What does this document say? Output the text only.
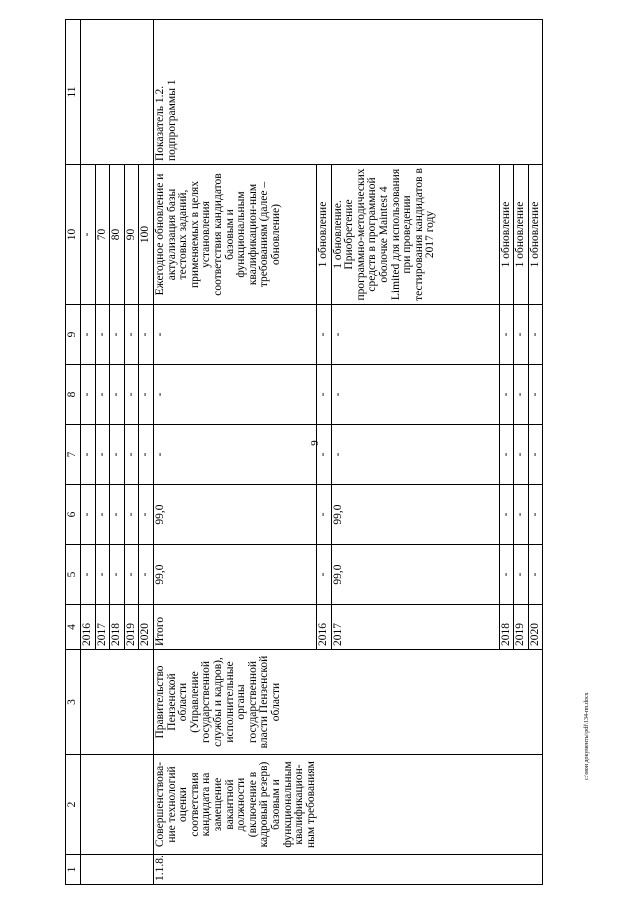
9
1	2	3	4	5	6	7	8	9	10	11
			2016	-	-	-	-	-	-	
			2017	-	-	-	-	-	70	
			2018	-	-	-	-	-	80	
			2019	-	-	-	-	-	90	
			2020	-	-	-	-	-	100	
1.1.8.	Совершенствова-ние технологий оценки соответствия кандидата на замещение вакантной должности (включение в кадровый резерв) базовым и функциональным квалификацион-ным требованиям	Правительство Пензенской области (Управление государственной службы и кадров), исполнительные органы государственной власти Пензенской области	Итого	99,0	99,0	-	-	-	Ежегодное обновление и актуализация базы тестовых заданий, применяемых в целях установления соответствия кандидатов базовым и функциональным квалификацион-ным требованиям (далее – обновление)	Показатель 1.2. подпрограммы 1
			2016	-	-	-	-	-	1 обновление	
			2017	99,0	99,0	-	-	-	1 обновление. Приобретение программно-методических средств в программной оболочке Maintest 4 Limited для использования при проведении тестирования кандидатов в 2017 году	
			2018	-	-	-	-	-	1 обновление	
			2019	-	-	-	-	-	1 обновление	
			2020	-	-	-	-	-	1 обновление	
c:\мои документы\pdf\134-пп.docx
